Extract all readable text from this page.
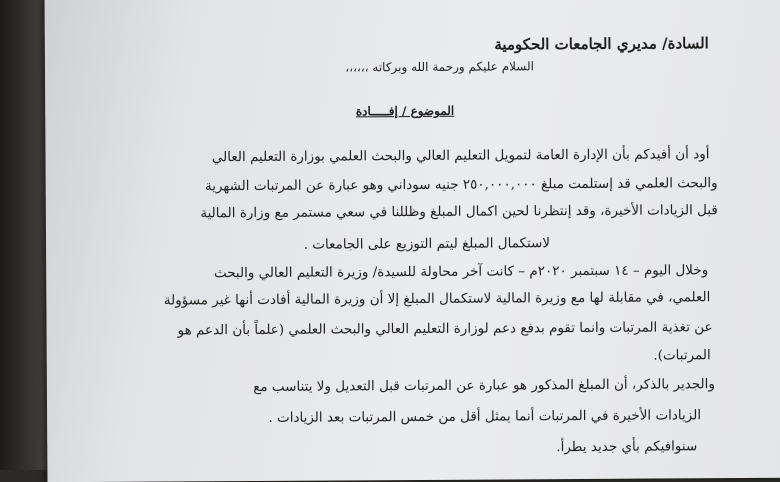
السادة/ مديري الجامعات الحكومية
السلام عليكم ورحمة الله وبركاته ،،،،،،
الموضوع / إفـــــادة
أود أن أفيدكم بأن الإدارة العامة لتمويل التعليم العالي والبحث العلمي بوزارة التعليم العالي
والبحث العلمي قد إستلمت مبلغ ٢٥٠,٠٠٠,٠٠٠ جنيه سوداني وهو عبارة عن المرتبات الشهرية
قبل الزيادات الأخيرة، وقد إنتظرنا لحين اكمال المبلغ وظللنا في سعي مستمر مع وزارة المالية
لاستكمال المبلغ ليتم التوزيع على الجامعات .
وخلال اليوم – ١٤ سبتمبر ٢٠٢٠م – كانت آخر محاولة للسيدة/ وزيرة التعليم العالي والبحث
العلمي، في مقابلة لها مع وزيرة المالية لاستكمال المبلغ إلا أن وزيرة المالية أفادت أنها غير مسؤولة
عن تغذية المرتبات وانما تقوم بدفع دعم لوزارة التعليم العالي والبحث العلمي (علماً بأن الدعم هو
المرتبات).
والجدير بالذكر، أن المبلغ المذكور هو عبارة عن المرتبات قبل التعديل ولا يتناسب مع
الزيادات الأخيرة في المرتبات أنما يمثل أقل من خمس المرتبات بعد الزيادات .
سنوافيكم بأي جديد يطرأ.
